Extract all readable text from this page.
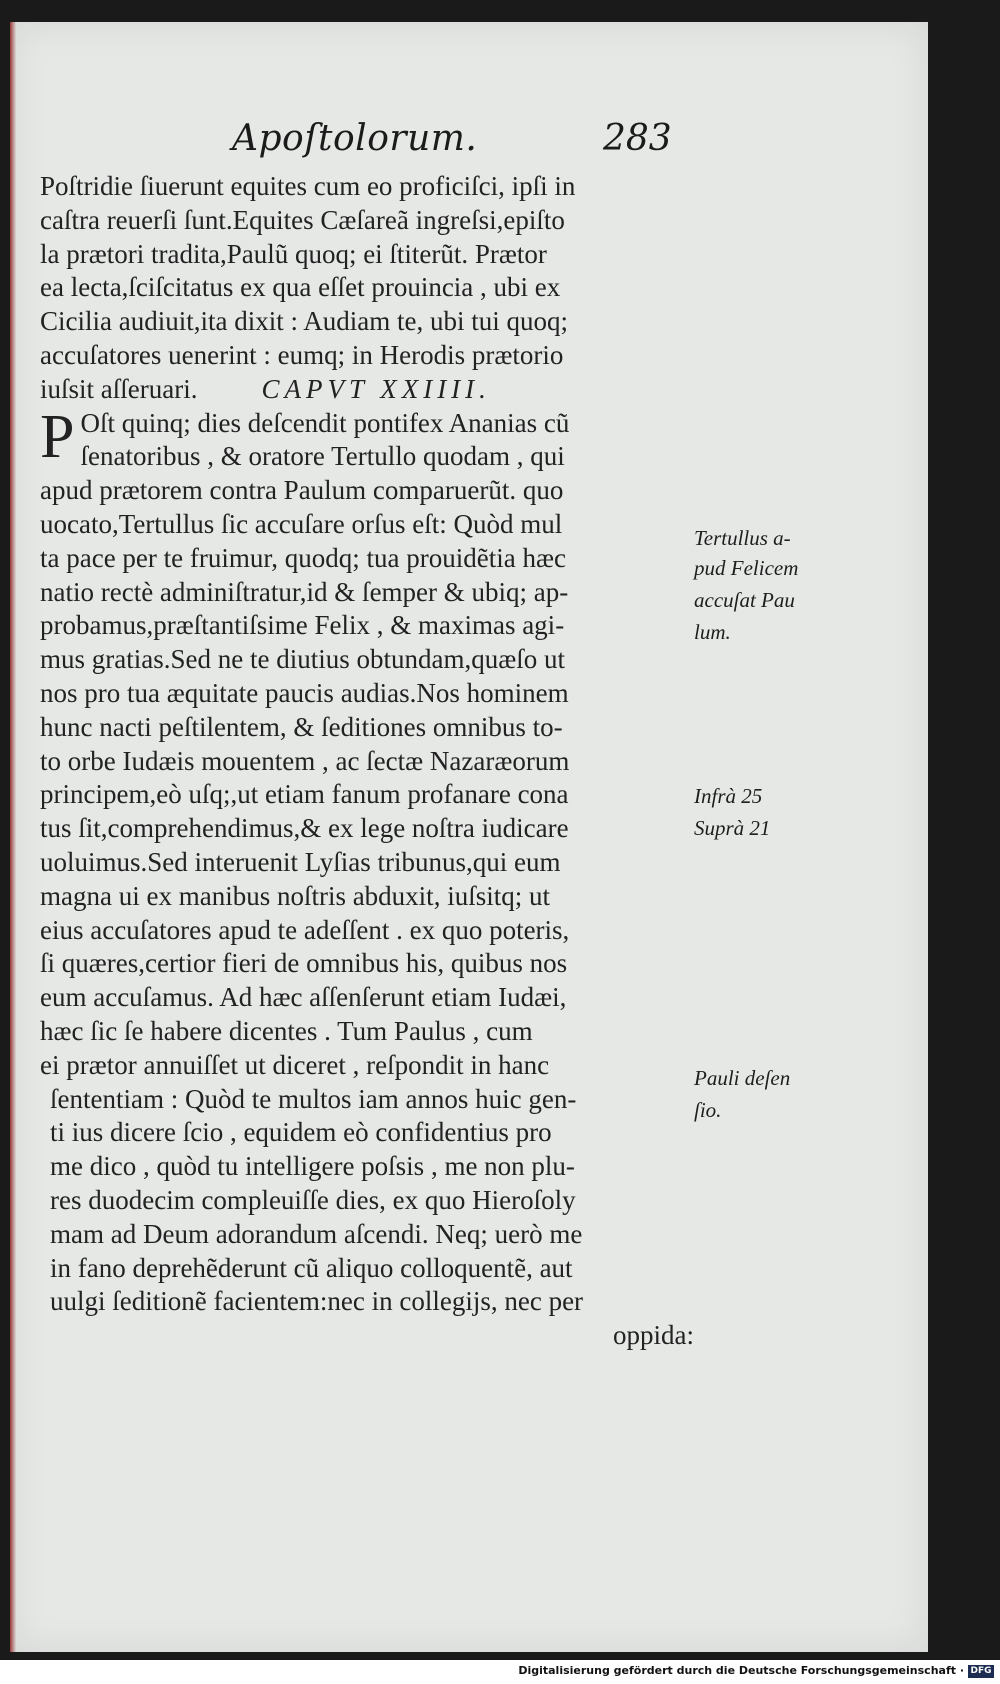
Apoſtolorum.	283
Poſtridie ſiuerunt equites cum eo proficiſci, ipſi in
caſtra reuerſi ſunt.Equites Cæſareã ingreſsi,epiſto
la prætori tradita,Paulũ quoq; ei ſtiterũt. Prætor
ea lecta,ſciſcitatus ex qua eſſet prouincia , ubi ex
Cicilia audiuit,ita dixit : Audiam te, ubi tui quoq;
accuſatores uenerint : eumq; in Herodis prætorio
iuſsit aſſeruari. CAPVT XXIIII.
P Oſt quinq; dies deſcendit pontifex Ananias cũ
ſenatoribus , & oratore Tertullo quodam , qui
apud prætorem contra Paulum comparuerũt. quo
uocato,Tertullus ſic accuſare orſus eſt: Quòd mul
ta pace per te fruimur, quodq; tua prouidẽtia hæc
natio rectè adminiſtratur,id & ſemper & ubiq; ap-
probamus,præſtantiſsime Felix , & maximas agi-
mus gratias.Sed ne te diutius obtundam,quæſo ut
nos pro tua æquitate paucis audias.Nos hominem
hunc nacti peſtilentem, & ſeditiones omnibus to-
to orbe Iudæis mouentem , ac ſectæ Nazaræorum
principem,eò uſq;,ut etiam fanum profanare cona
tus ſit,comprehendimus,& ex lege noſtra iudicare
uoluimus.Sed interuenit Lyſias tribunus,qui eum
magna ui ex manibus noſtris abduxit, iuſsitq; ut
eius accuſatores apud te adeſſent . ex quo poteris,
ſi quæres,certior fieri de omnibus his, quibus nos
eum accuſamus. Ad hæc aſſenſerunt etiam Iudæi,
hæc ſic ſe habere dicentes . Tum Paulus , cum
ei prætor annuiſſet ut diceret , reſpondit in hanc
ſententiam : Quòd te multos iam annos huic gen-
ti ius dicere ſcio , equidem eò confidentius pro
me dico , quòd tu intelligere poſsis , me non plu-
res duodecim compleuiſſe dies, ex quo Hieroſoly
mam ad Deum adorandum aſcendi. Neq; uerò me
in fano deprehẽderunt cũ aliquo colloquentẽ, aut
uulgi ſeditionẽ facientem:nec in collegijs, nec per
oppida:
Tertullus a-
pud Felicem
accuſat Pau
lum.
Infrà 25
Suprà 21
Pauli deſen
ſio.
Digitalisierung gefördert durch die Deutsche Forschungsgemeinschaft · DFG
